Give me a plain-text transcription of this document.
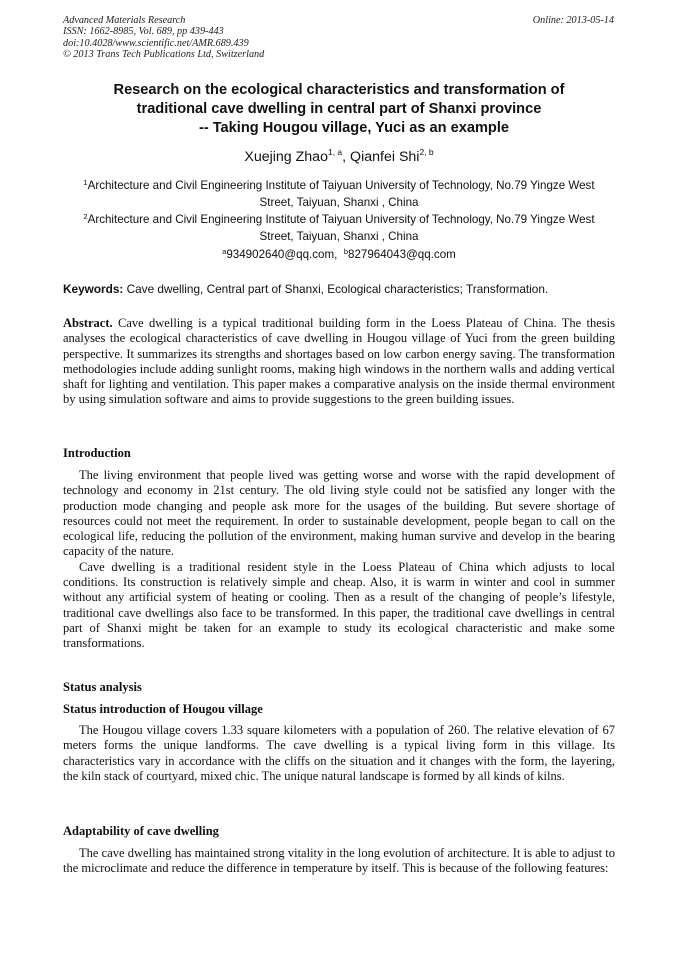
Advanced Materials Research
ISSN: 1662-8985, Vol. 689, pp 439-443
doi:10.4028/www.scientific.net/AMR.689.439
© 2013 Trans Tech Publications Ltd, Switzerland
Online: 2013-05-14
Research on the ecological characteristics and transformation of
traditional cave dwelling in central part of Shanxi province
-- Taking Hougou village, Yuci as an example
Xuejing Zhao$^{1, a}$, Qianfei Shi$^{2, b}$
$^1$Architecture and Civil Engineering Institute of Taiyuan University of Technology, No.79 Yingze West
Street, Taiyuan, Shanxi , China
$^2$Architecture and Civil Engineering Institute of Taiyuan University of Technology, No.79 Yingze West
Street, Taiyuan, Shanxi , China
$^a$934902640@qq.com, $^b$827964043@qq.com
Keywords: Cave dwelling, Central part of Shanxi, Ecological characteristics; Transformation.

Abstract. Cave dwelling is a typical traditional building form in the Loess Plateau of China. The thesis analyses the ecological characteristics of cave dwelling in Hougou village of Yuci from the green building perspective. It summarizes its strengths and shortages based on low carbon energy saving. The transformation methodologies include adding sunlight rooms, making high windows in the northern walls and adding vertical shaft for lighting and ventilation. This paper makes a comparative analysis on the inside thermal environment by using simulation software and aims to provide suggestions to the green building issues.

Introduction

The living environment that people lived was getting worse and worse with the rapid development of technology and economy in 21st century. The old living style could not be satisfied any longer with the production mode changing and people ask more for the usages of the building. But severe shortage of resources could not meet the requirement. In order to sustainable development, people began to call on the ecological life, reducing the pollution of the environment, making human survive and develop in the bearing capacity of the nature.

Cave dwelling is a traditional resident style in the Loess Plateau of China which adjusts to local conditions. Its construction is relatively simple and cheap. Also, it is warm in winter and cool in summer without any artificial system of heating or cooling. Then as a result of the changing of people’s lifestyle, traditional cave dwellings also face to be transformed. In this paper, the traditional cave dwellings in central part of Shanxi might be taken for an example to study its ecological characteristic and make some transformations.

Status analysis
Status introduction of Hougou village

The Hougou village covers 1.33 square kilometers with a population of 260. The relative elevation of 67 meters forms the unique landforms. The cave dwelling is a typical living form in this village. Its characteristics vary in accordance with the cliffs on the situation and it changes with the form, the layering, the kiln stack of courtyard, mixed chic. The unique natural landscape is formed by all kinds of kilns.

Adaptability of cave dwelling

The cave dwelling has maintained strong vitality in the long evolution of architecture. It is able to adjust to the microclimate and reduce the difference in temperature by itself. This is because of the following features:
